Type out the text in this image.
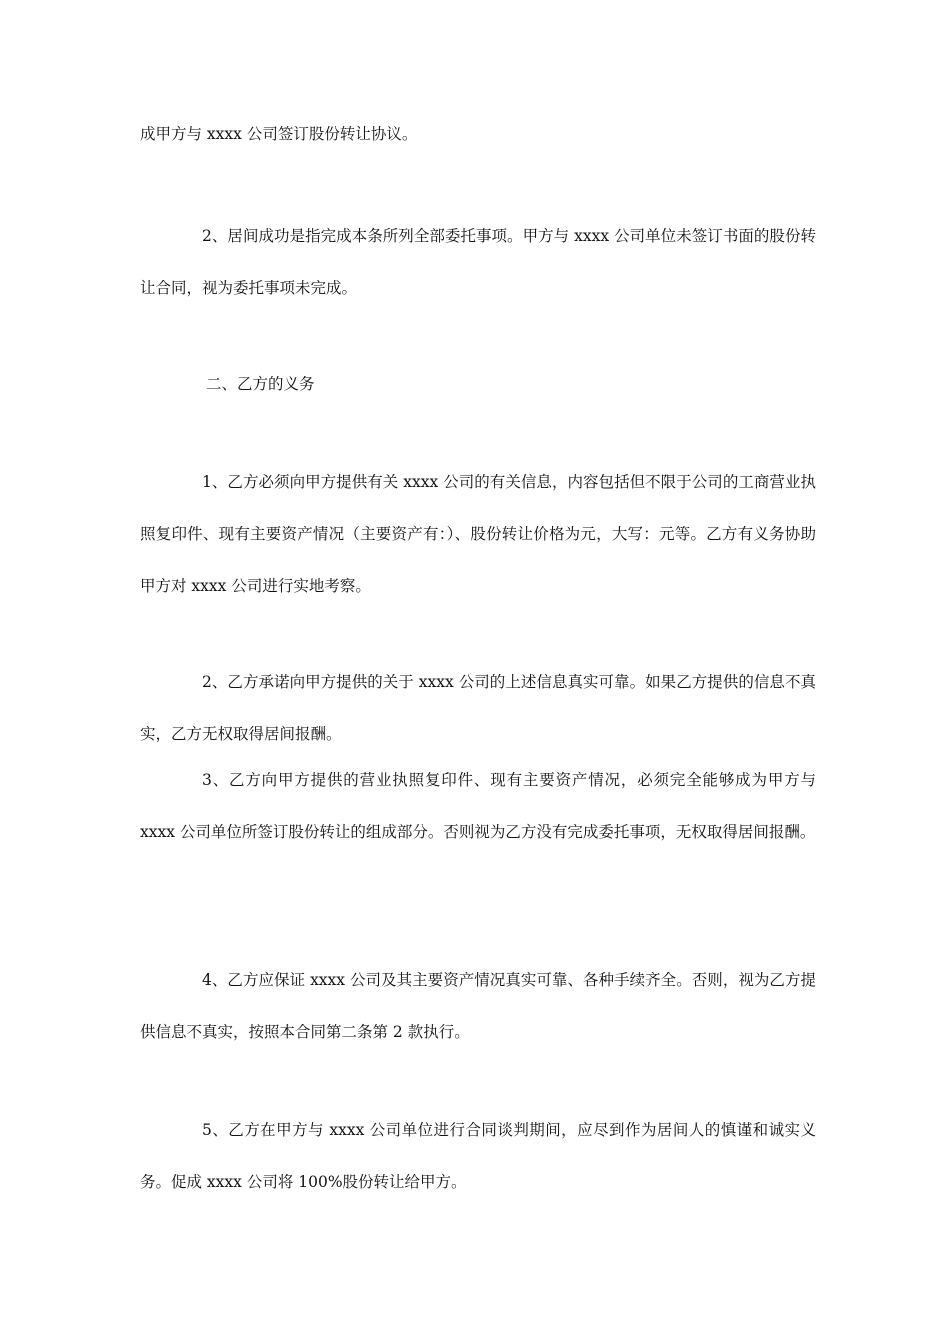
成甲方与 xxxx 公司签订股份转让协议。

2、居间成功是指完成本条所列全部委托事项。甲方与 xxxx 公司单位未签订书面的股份转让合同，视为委托事项未完成。

二、乙方的义务

1、乙方必须向甲方提供有关 xxxx 公司的有关信息，内容包括但不限于公司的工商营业执照复印件、现有主要资产情况（主要资产有：）、股份转让价格为元，大写：元等。乙方有义务协助甲方对 xxxx 公司进行实地考察。

2、乙方承诺向甲方提供的关于 xxxx 公司的上述信息真实可靠。如果乙方提供的信息不真实，乙方无权取得居间报酬。

3、乙方向甲方提供的营业执照复印件、现有主要资产情况，必须完全能够成为甲方与 xxxx 公司单位所签订股份转让的组成部分。否则视为乙方没有完成委托事项，无权取得居间报酬。

4、乙方应保证 xxxx 公司及其主要资产情况真实可靠、各种手续齐全。否则，视为乙方提供信息不真实，按照本合同第二条第 2 款执行。

5、乙方在甲方与 xxxx 公司单位进行合同谈判期间，应尽到作为居间人的慎谨和诚实义务。促成 xxxx 公司将 100%股份转让给甲方。
